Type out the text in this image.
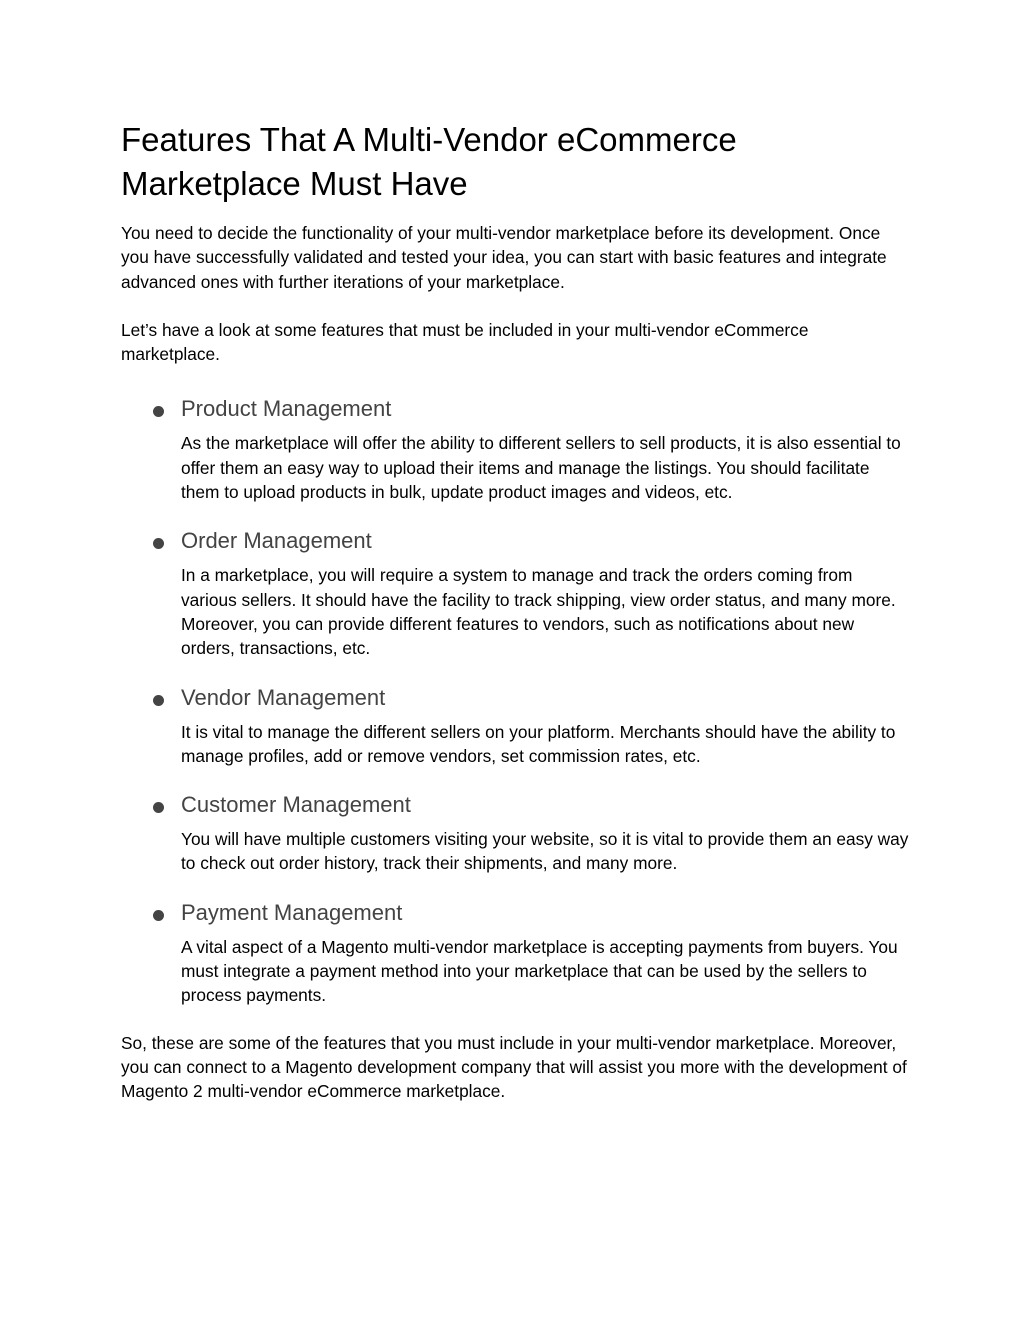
Features That A Multi-Vendor eCommerce Marketplace Must Have

You need to decide the functionality of your multi-vendor marketplace before its development. Once you have successfully validated and tested your idea, you can start with basic features and integrate advanced ones with further iterations of your marketplace.

Let’s have a look at some features that must be included in your multi-vendor eCommerce marketplace.

Product Management

As the marketplace will offer the ability to different sellers to sell products, it is also essential to offer them an easy way to upload their items and manage the listings. You should facilitate them to upload products in bulk, update product images and videos, etc.

Order Management

In a marketplace, you will require a system to manage and track the orders coming from various sellers. It should have the facility to track shipping, view order status, and many more. Moreover, you can provide different features to vendors, such as notifications about new orders, transactions, etc.

Vendor Management

It is vital to manage the different sellers on your platform. Merchants should have the ability to manage profiles, add or remove vendors, set commission rates, etc.

Customer Management

You will have multiple customers visiting your website, so it is vital to provide them an easy way to check out order history, track their shipments, and many more.

Payment Management

A vital aspect of a Magento multi-vendor marketplace is accepting payments from buyers. You must integrate a payment method into your marketplace that can be used by the sellers to process payments.

So, these are some of the features that you must include in your multi-vendor marketplace. Moreover, you can connect to a Magento development company that will assist you more with the development of Magento 2 multi-vendor eCommerce marketplace.
